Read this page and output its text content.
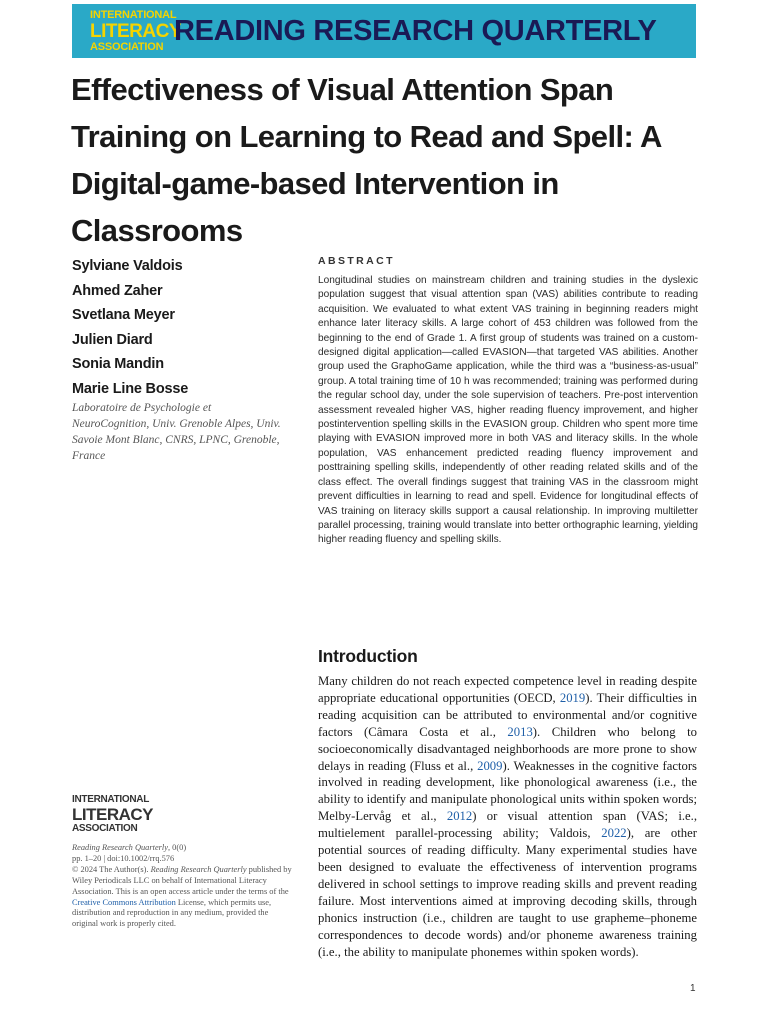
INTERNATIONAL
LITERACY
ASSOCIATION READING RESEARCH QUARTERLY
Effectiveness of Visual Attention Span Training on Learning to Read and Spell: A Digital-game-based Intervention in Classrooms
Sylviane Valdois
Ahmed Zaher
Svetlana Meyer
Julien Diard
Sonia Mandin
Marie Line Bosse
Laboratoire de Psychologie et NeuroCognition, Univ. Grenoble Alpes, Univ. Savoie Mont Blanc, CNRS, LPNC, Grenoble, France
ABSTRACT

Longitudinal studies on mainstream children and training studies in the dyslexic population suggest that visual attention span (VAS) abilities contribute to reading acquisition. We evaluated to what extent VAS training in beginning readers might enhance later literacy skills. A large cohort of 453 children was followed from the beginning to the end of Grade 1. A first group of students was trained on a custom-designed digital application—called EVASION—that targeted VAS abilities. Another group used the GraphoGame application, while the third was a “business-as-usual” group. A total training time of 10 h was recommended; training was performed during the regular school day, under the sole supervision of teachers. Pre-post intervention assessment revealed higher VAS, higher reading fluency improvement, and higher postintervention spelling skills in the EVASION group. Children who spent more time playing with EVASION improved more in both VAS and literacy skills. In the whole population, VAS enhancement predicted reading fluency improvement and posttraining spelling skills, independently of other reading related skills and of the class effect. The overall findings suggest that training VAS in the classroom might prevent difficulties in learning to read and spell. Evidence for longitudinal effects of VAS training on literacy skills support a causal relationship. In improving multiletter parallel processing, training would translate into better orthographic learning, yielding higher reading fluency and spelling skills.

Introduction

Many children do not reach expected competence level in reading despite appropriate educational opportunities (OECD, 2019). Their difficulties in reading acquisition can be attributed to environmental and/or cognitive factors (Câmara Costa et al., 2013). Children who belong to socioeconomically disadvantaged neighborhoods are more prone to show delays in reading (Fluss et al., 2009). Weaknesses in the cognitive factors involved in reading development, like phonological awareness (i.e., the ability to identify and manipulate phonological units within spoken words; Melby-Lervåg et al., 2012) or visual attention span (VAS; i.e., multielement parallel-processing ability; Valdois, 2022), are other potential sources of reading difficulty. Many experimental studies have been designed to evaluate the effectiveness of intervention programs delivered in school settings to improve reading skills and prevent reading failure. Most interventions aimed at improving decoding skills, through phonics instruction (i.e., children are taught to use grapheme–phoneme correspondences to decode words) and/or phoneme awareness training (i.e., the ability to manipulate phonemes within spoken words).

INTERNATIONAL
LITERACY
ASSOCIATION
Reading Research Quarterly, 0(0)
pp. 1–20 | doi:10.1002/rrq.576
© 2024 The Author(s). Reading Research Quarterly published by Wiley Periodicals LLC on behalf of International Literacy Association. This is an open access article under the terms of the Creative Commons Attribution License, which permits use, distribution and reproduction in any medium, provided the original work is properly cited.
1
